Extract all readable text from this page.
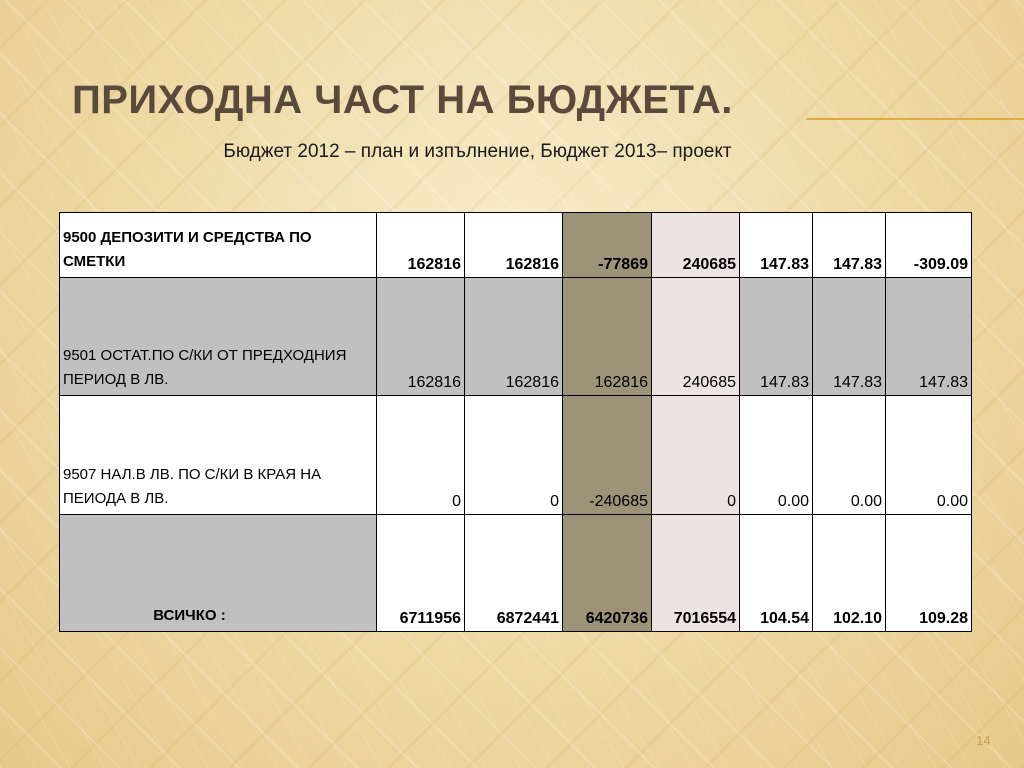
ПРИХОДНА ЧАСТ НА БЮДЖЕТА.
Бюджет 2012 – план и изпълнение, Бюджет 2013– проект
9500 ДЕПОЗИТИ И СРЕДСТВА ПО СМЕТКИ	162816	162816	-77869	240685	147.83	147.83	-309.09
9501 ОСТАТ.ПО С/КИ ОТ ПРЕДХОДНИЯ ПЕРИОД В ЛВ.	162816	162816	162816	240685	147.83	147.83	147.83
9507 НАЛ.В ЛВ. ПО С/КИ В КРАЯ НА ПЕИОДА В ЛВ.	0	0	-240685	0	0.00	0.00	0.00
ВСИЧКО :	6711956	6872441	6420736	7016554	104.54	102.10	109.28
14
